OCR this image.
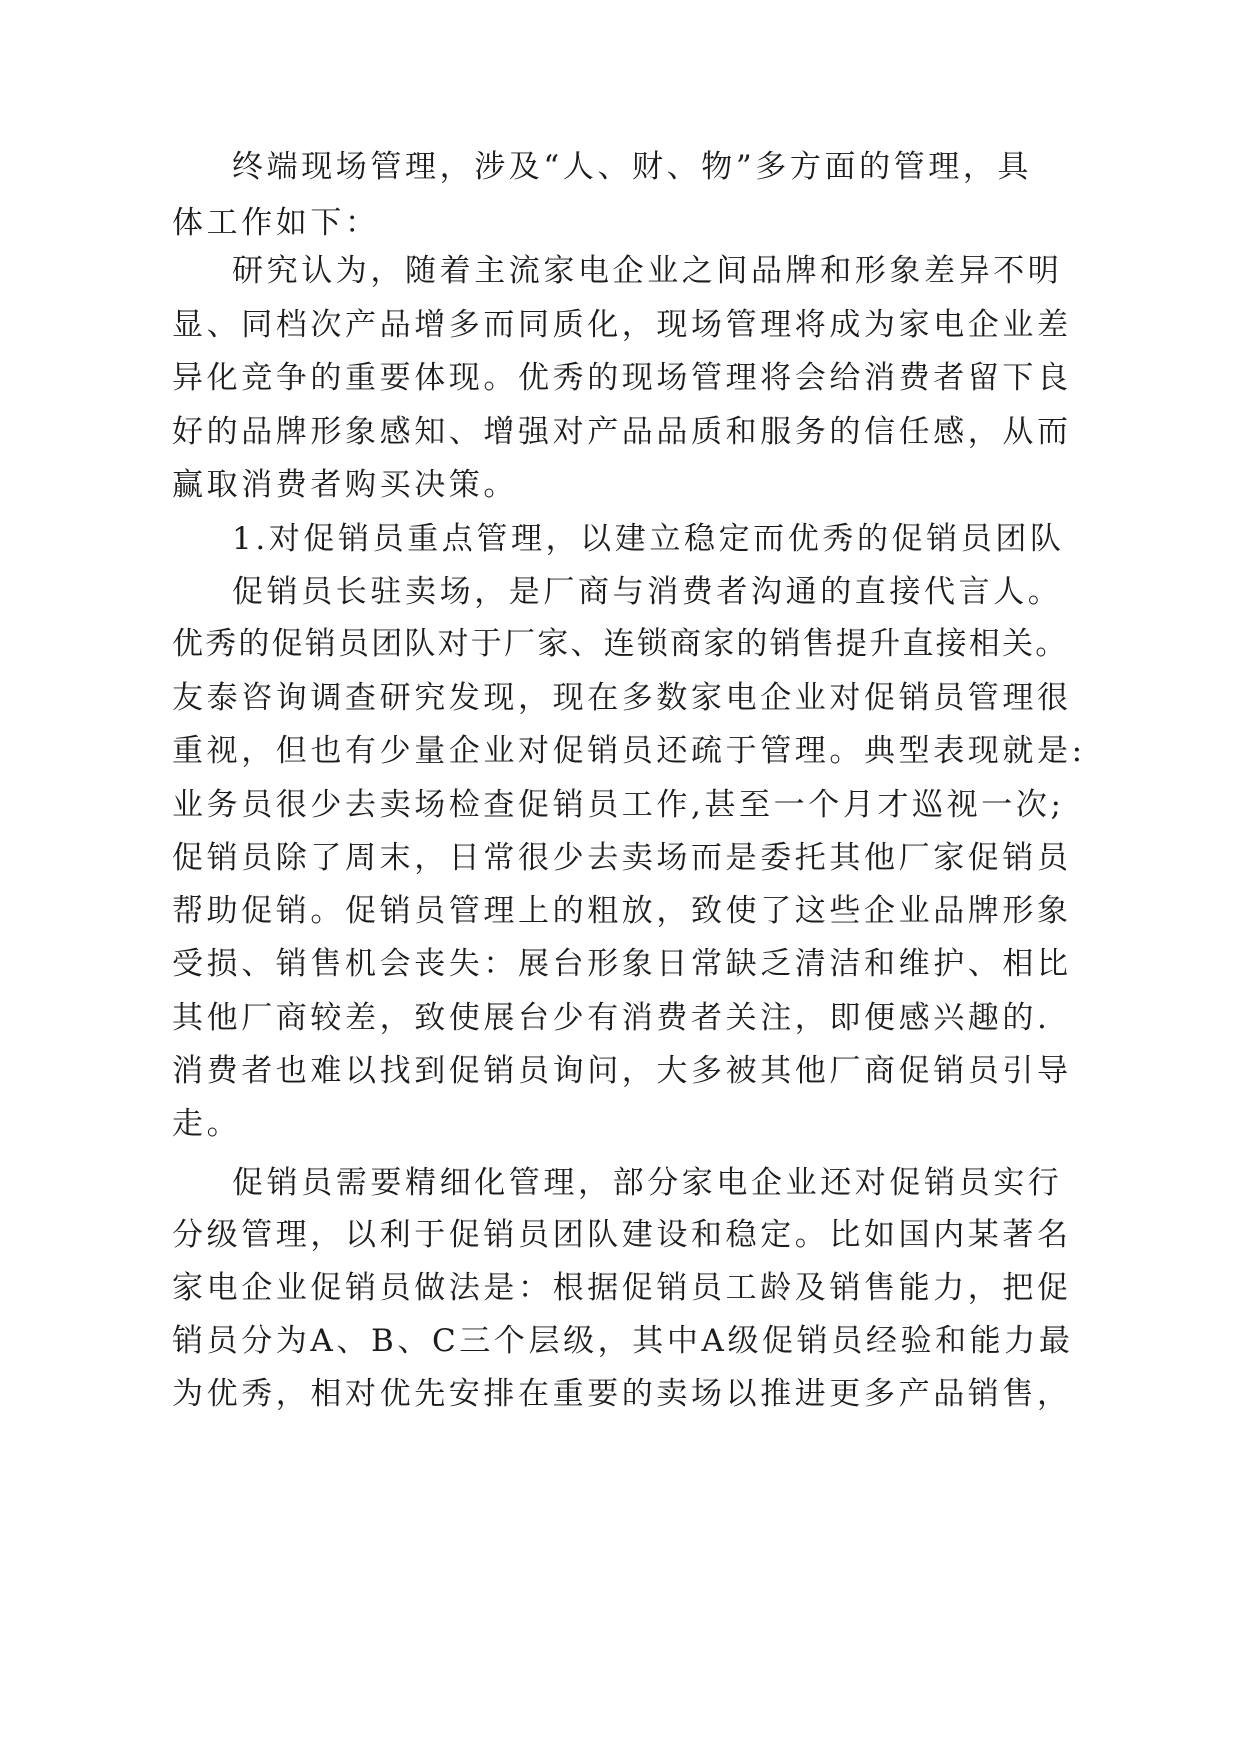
终端现场管理，涉及“人、财、物”多方面的管理，具
体工作如下：
研究认为，随着主流家电企业之间品牌和形象差异不明
显、同档次产品增多而同质化，现场管理将成为家电企业差
异化竞争的重要体现。优秀的现场管理将会给消费者留下良
好的品牌形象感知、增强对产品品质和服务的信任感，从而
赢取消费者购买决策。
1.对促销员重点管理，以建立稳定而优秀的促销员团队
促销员长驻卖场，是厂商与消费者沟通的直接代言人。
优秀的促销员团队对于厂家、连锁商家的销售提升直接相关。
友泰咨询调查研究发现，现在多数家电企业对促销员管理很
重视，但也有少量企业对促销员还疏于管理。典型表现就是:
业务员很少去卖场检查促销员工作,甚至一个月才巡视一次;
促销员除了周末，日常很少去卖场而是委托其他厂家促销员
帮助促销。促销员管理上的粗放，致使了这些企业品牌形象
受损、销售机会丧失：展台形象日常缺乏清洁和维护、相比
其他厂商较差，致使展台少有消费者关注，即便感兴趣的.
消费者也难以找到促销员询问，大多被其他厂商促销员引导
走。
促销员需要精细化管理，部分家电企业还对促销员实行
分级管理，以利于促销员团队建设和稳定。比如国内某著名
家电企业促销员做法是：根据促销员工龄及销售能力，把促
销员分为A、B、C三个层级，其中A级促销员经验和能力最
为优秀，相对优先安排在重要的卖场以推进更多产品销售，
